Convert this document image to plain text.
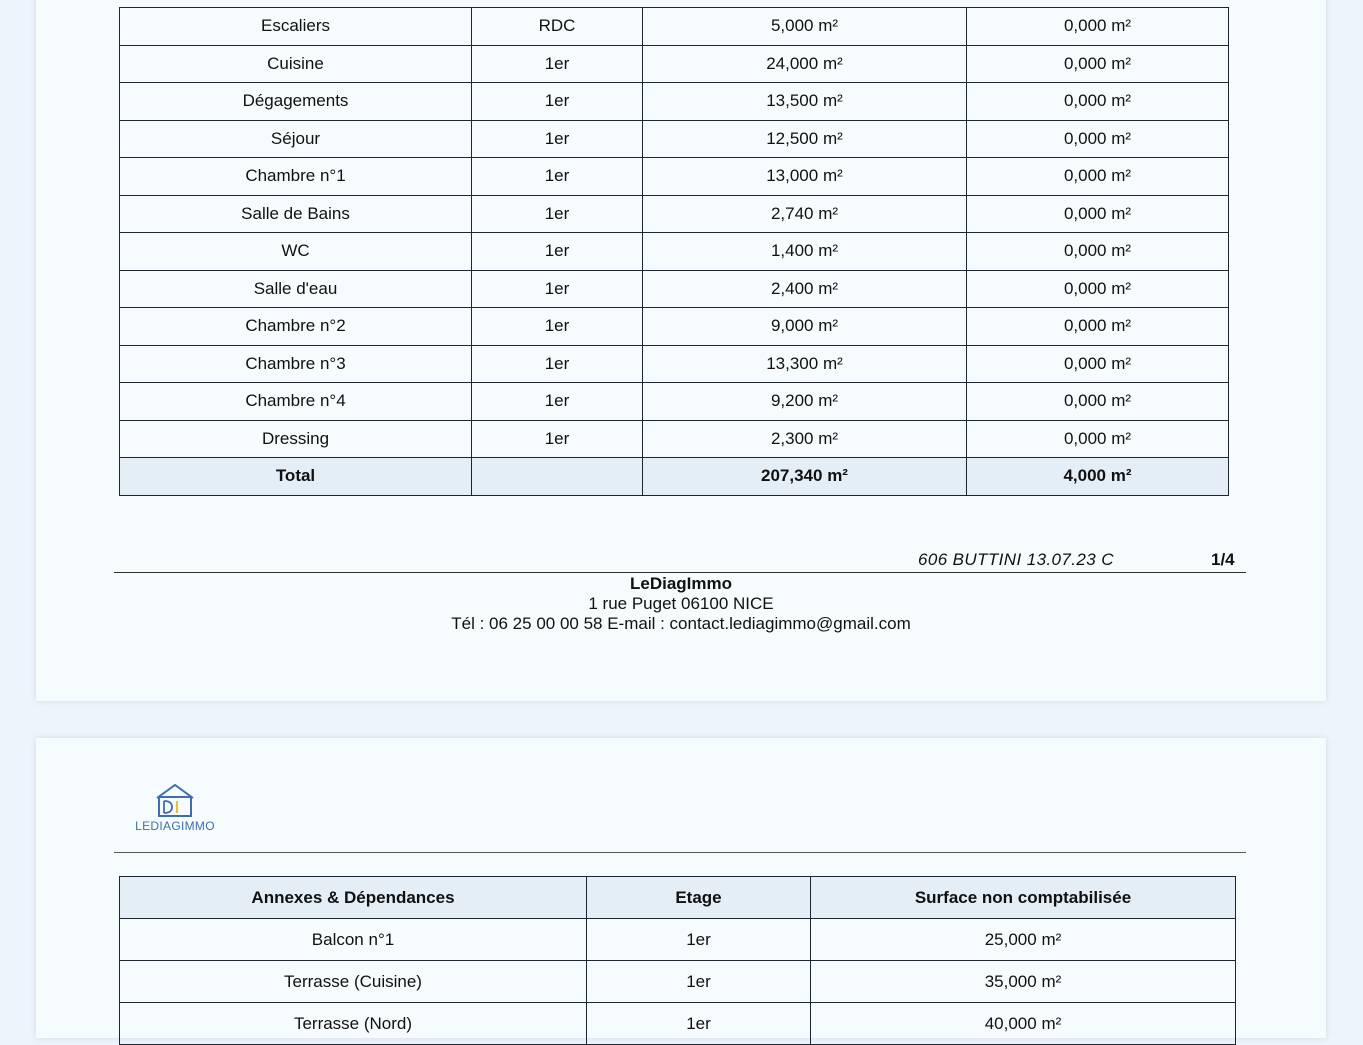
Escaliers	RDC	5,000 m²	0,000 m²
Cuisine	1er	24,000 m²	0,000 m²
Dégagements	1er	13,500 m²	0,000 m²
Séjour	1er	12,500 m²	0,000 m²
Chambre n°1	1er	13,000 m²	0,000 m²
Salle de Bains	1er	2,740 m²	0,000 m²
WC	1er	1,400 m²	0,000 m²
Salle d'eau	1er	2,400 m²	0,000 m²
Chambre n°2	1er	9,000 m²	0,000 m²
Chambre n°3	1er	13,300 m²	0,000 m²
Chambre n°4	1er	9,200 m²	0,000 m²
Dressing	1er	2,300 m²	0,000 m²
Total		207,340 m²	4,000 m²
606 BUTTINI 13.07.23 C	1/4
LeDiagImmo
1 rue Puget 06100 NICE
Tél : 06 25 00 00 58 E-mail : contact.lediagimmo@gmail.com
LEDIAGIMMO
Annexes & Dépendances	Etage	Surface non comptabilisée
Balcon n°1	1er	25,000 m²
Terrasse (Cuisine)	1er	35,000 m²
Terrasse (Nord)	1er	40,000 m²
